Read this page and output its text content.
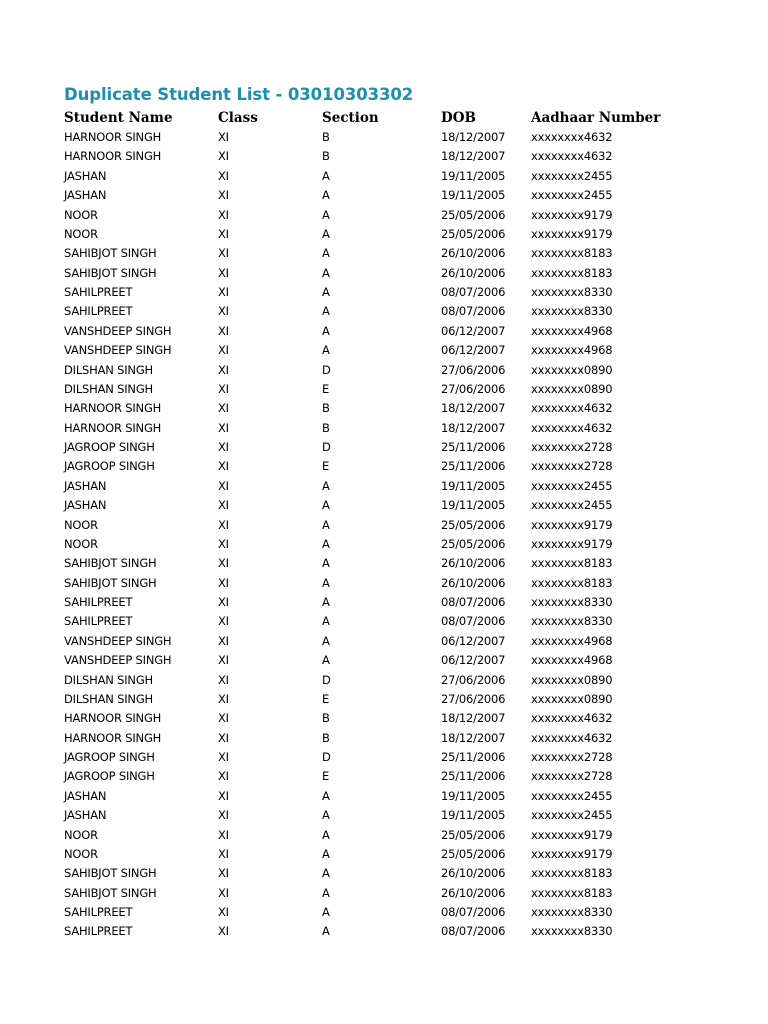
Duplicate Student List - 03010303302
Student Name	Class	Section	DOB	Aadhaar Number
HARNOOR SINGH	XI	B	18/12/2007	xxxxxxxx4632
HARNOOR SINGH	XI	B	18/12/2007	xxxxxxxx4632
JASHAN	XI	A	19/11/2005	xxxxxxxx2455
JASHAN	XI	A	19/11/2005	xxxxxxxx2455
NOOR	XI	A	25/05/2006	xxxxxxxx9179
NOOR	XI	A	25/05/2006	xxxxxxxx9179
SAHIBJOT SINGH	XI	A	26/10/2006	xxxxxxxx8183
SAHIBJOT SINGH	XI	A	26/10/2006	xxxxxxxx8183
SAHILPREET	XI	A	08/07/2006	xxxxxxxx8330
SAHILPREET	XI	A	08/07/2006	xxxxxxxx8330
VANSHDEEP SINGH	XI	A	06/12/2007	xxxxxxxx4968
VANSHDEEP SINGH	XI	A	06/12/2007	xxxxxxxx4968
DILSHAN SINGH	XI	D	27/06/2006	xxxxxxxx0890
DILSHAN SINGH	XI	E	27/06/2006	xxxxxxxx0890
HARNOOR SINGH	XI	B	18/12/2007	xxxxxxxx4632
HARNOOR SINGH	XI	B	18/12/2007	xxxxxxxx4632
JAGROOP SINGH	XI	D	25/11/2006	xxxxxxxx2728
JAGROOP SINGH	XI	E	25/11/2006	xxxxxxxx2728
JASHAN	XI	A	19/11/2005	xxxxxxxx2455
JASHAN	XI	A	19/11/2005	xxxxxxxx2455
NOOR	XI	A	25/05/2006	xxxxxxxx9179
NOOR	XI	A	25/05/2006	xxxxxxxx9179
SAHIBJOT SINGH	XI	A	26/10/2006	xxxxxxxx8183
SAHIBJOT SINGH	XI	A	26/10/2006	xxxxxxxx8183
SAHILPREET	XI	A	08/07/2006	xxxxxxxx8330
SAHILPREET	XI	A	08/07/2006	xxxxxxxx8330
VANSHDEEP SINGH	XI	A	06/12/2007	xxxxxxxx4968
VANSHDEEP SINGH	XI	A	06/12/2007	xxxxxxxx4968
DILSHAN SINGH	XI	D	27/06/2006	xxxxxxxx0890
DILSHAN SINGH	XI	E	27/06/2006	xxxxxxxx0890
HARNOOR SINGH	XI	B	18/12/2007	xxxxxxxx4632
HARNOOR SINGH	XI	B	18/12/2007	xxxxxxxx4632
JAGROOP SINGH	XI	D	25/11/2006	xxxxxxxx2728
JAGROOP SINGH	XI	E	25/11/2006	xxxxxxxx2728
JASHAN	XI	A	19/11/2005	xxxxxxxx2455
JASHAN	XI	A	19/11/2005	xxxxxxxx2455
NOOR	XI	A	25/05/2006	xxxxxxxx9179
NOOR	XI	A	25/05/2006	xxxxxxxx9179
SAHIBJOT SINGH	XI	A	26/10/2006	xxxxxxxx8183
SAHIBJOT SINGH	XI	A	26/10/2006	xxxxxxxx8183
SAHILPREET	XI	A	08/07/2006	xxxxxxxx8330
SAHILPREET	XI	A	08/07/2006	xxxxxxxx8330
